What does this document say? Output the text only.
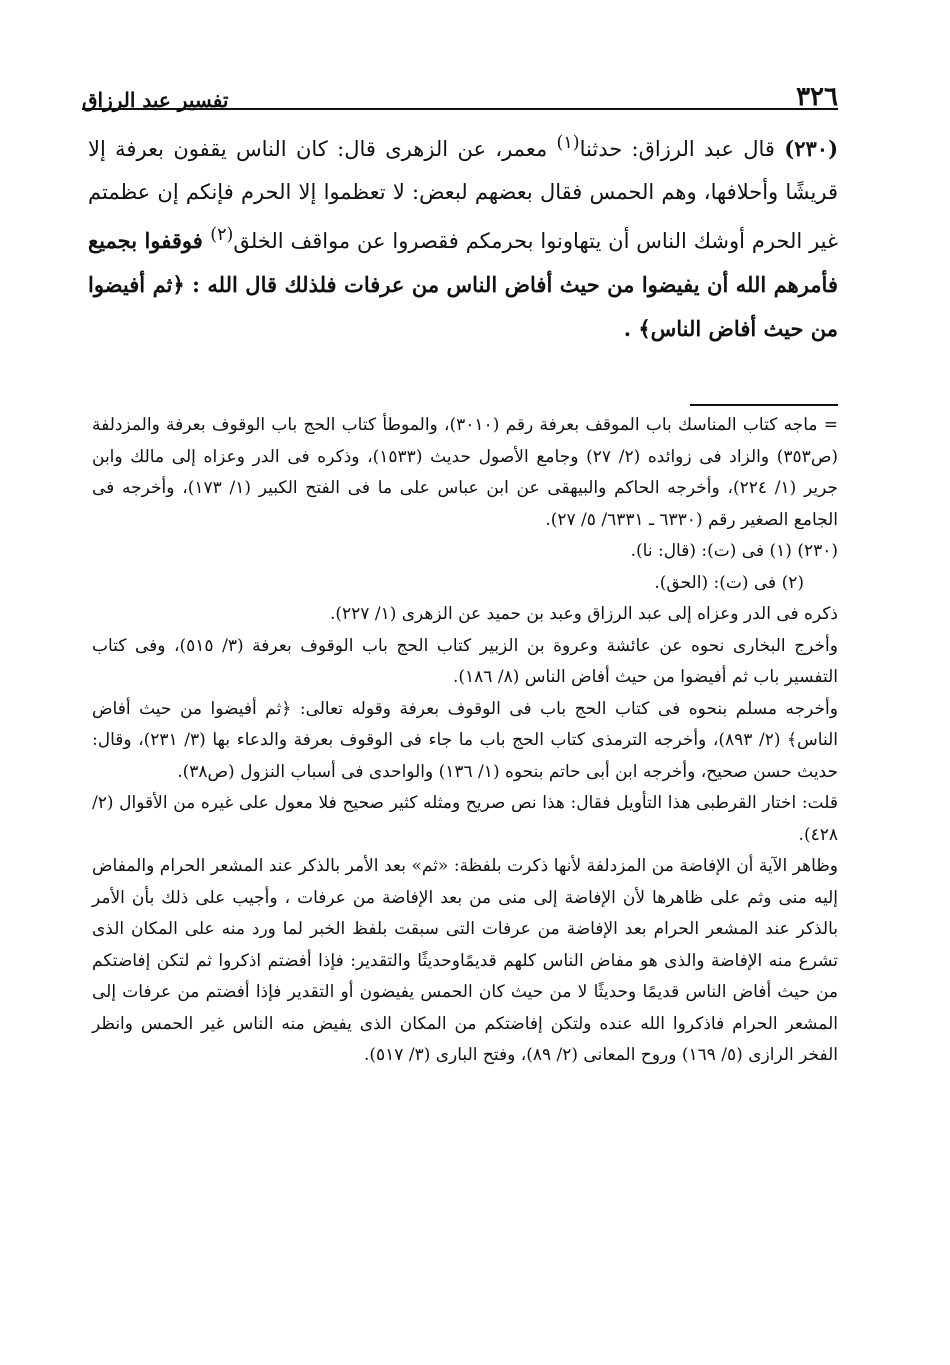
٣٢٦
تفسير عبد الرزاق

(٢٣٠) قال عبد الرزاق: حدثنا$^{(١)}$ معمر، عن الزهرى قال: كان الناس يقفون بعرفة إلا قريشًا وأحلافها، وهم الحمس فقال بعضهم لبعض: لا تعظموا إلا الحرم فإنكم إن عظمتم غير الحرم أوشك الناس أن يتهاونوا بحرمكم فقصروا عن مواقف الخلق$^{(٢)}$ فوقفوا بجميع فأمرهم الله أن يفيضوا من حيث أفاض الناس من عرفات فلذلك قال الله : ﴿ثم أفيضوا من حيث أفاض الناس﴾ .

= ماجه كتاب المناسك باب الموقف بعرفة رقم (٣٠١٠)، والموطأ كتاب الحج باب الوقوف بعرفة والمزدلفة (ص٣٥٣) والزاد فى زوائده (٢/ ٢٧) وجامع الأصول حديث (١٥٣٣)، وذكره فى الدر وعزاه إلى مالك وابن جرير (١/ ٢٢٤)، وأخرجه الحاكم والبيهقى عن ابن عباس على ما فى الفتح الكبير (١/ ١٧٣)، وأخرجه فى الجامع الصغير رقم (٦٣٣٠ ـ ٦٣٣١/ ٥/ ٢٧).

(٢٣٠) (١) فى (ت): (قال: نا).

(٢) فى (ت): (الحق).

ذكره فى الدر وعزاه إلى عبد الرزاق وعبد بن حميد عن الزهرى (١/ ٢٢٧).

وأخرج البخارى نحوه عن عائشة وعروة بن الزبير كتاب الحج باب الوقوف بعرفة (٣/ ٥١٥)، وفى كتاب التفسير باب ثم أفيضوا من حيث أفاض الناس (٨/ ١٨٦).

وأخرجه مسلم بنحوه فى كتاب الحج باب فى الوقوف بعرفة وقوله تعالى: ﴿ثم أفيضوا من حيث أفاض الناس﴾ (٢/ ٨٩٣)، وأخرجه الترمذى كتاب الحج باب ما جاء فى الوقوف بعرفة والدعاء بها (٣/ ٢٣١)، وقال: حديث حسن صحيح، وأخرجه ابن أبى حاتم بنحوه (١/ ١٣٦) والواحدى فى أسباب النزول (ص٣٨).

قلت: اختار القرطبى هذا التأويل فقال: هذا نص صريح ومثله كثير صحيح فلا معول على غيره من الأقوال (٢/ ٤٢٨).

وظاهر الآية أن الإفاضة من المزدلفة لأنها ذكرت بلفظة: «ثم» بعد الأمر بالذكر عند المشعر الحرام والمفاض إليه منى وثم على ظاهرها لأن الإفاضة إلى منى من بعد الإفاضة من عرفات ، وأجيب على ذلك بأن الأمر بالذكر عند المشعر الحرام بعد الإفاضة من عرفات التى سبقت بلفظ الخبر لما ورد منه على المكان الذى تشرع منه الإفاضة والذى هو مفاض الناس كلهم قديمًاوحديثًا والتقدير: فإذا أفضتم اذكروا ثم لتكن إفاضتكم من حيث أفاض الناس قديمًا وحديثًا لا من حيث كان الحمس يفيضون أو التقدير فإذا أفضتم من عرفات إلى المشعر الحرام فاذكروا الله عنده ولتكن إفاضتكم من المكان الذى يفيض منه الناس غير الحمس وانظر الفخر الرازى (٥/ ١٦٩) وروح المعانى (٢/ ٨٩)، وفتح البارى (٣/ ٥١٧).
